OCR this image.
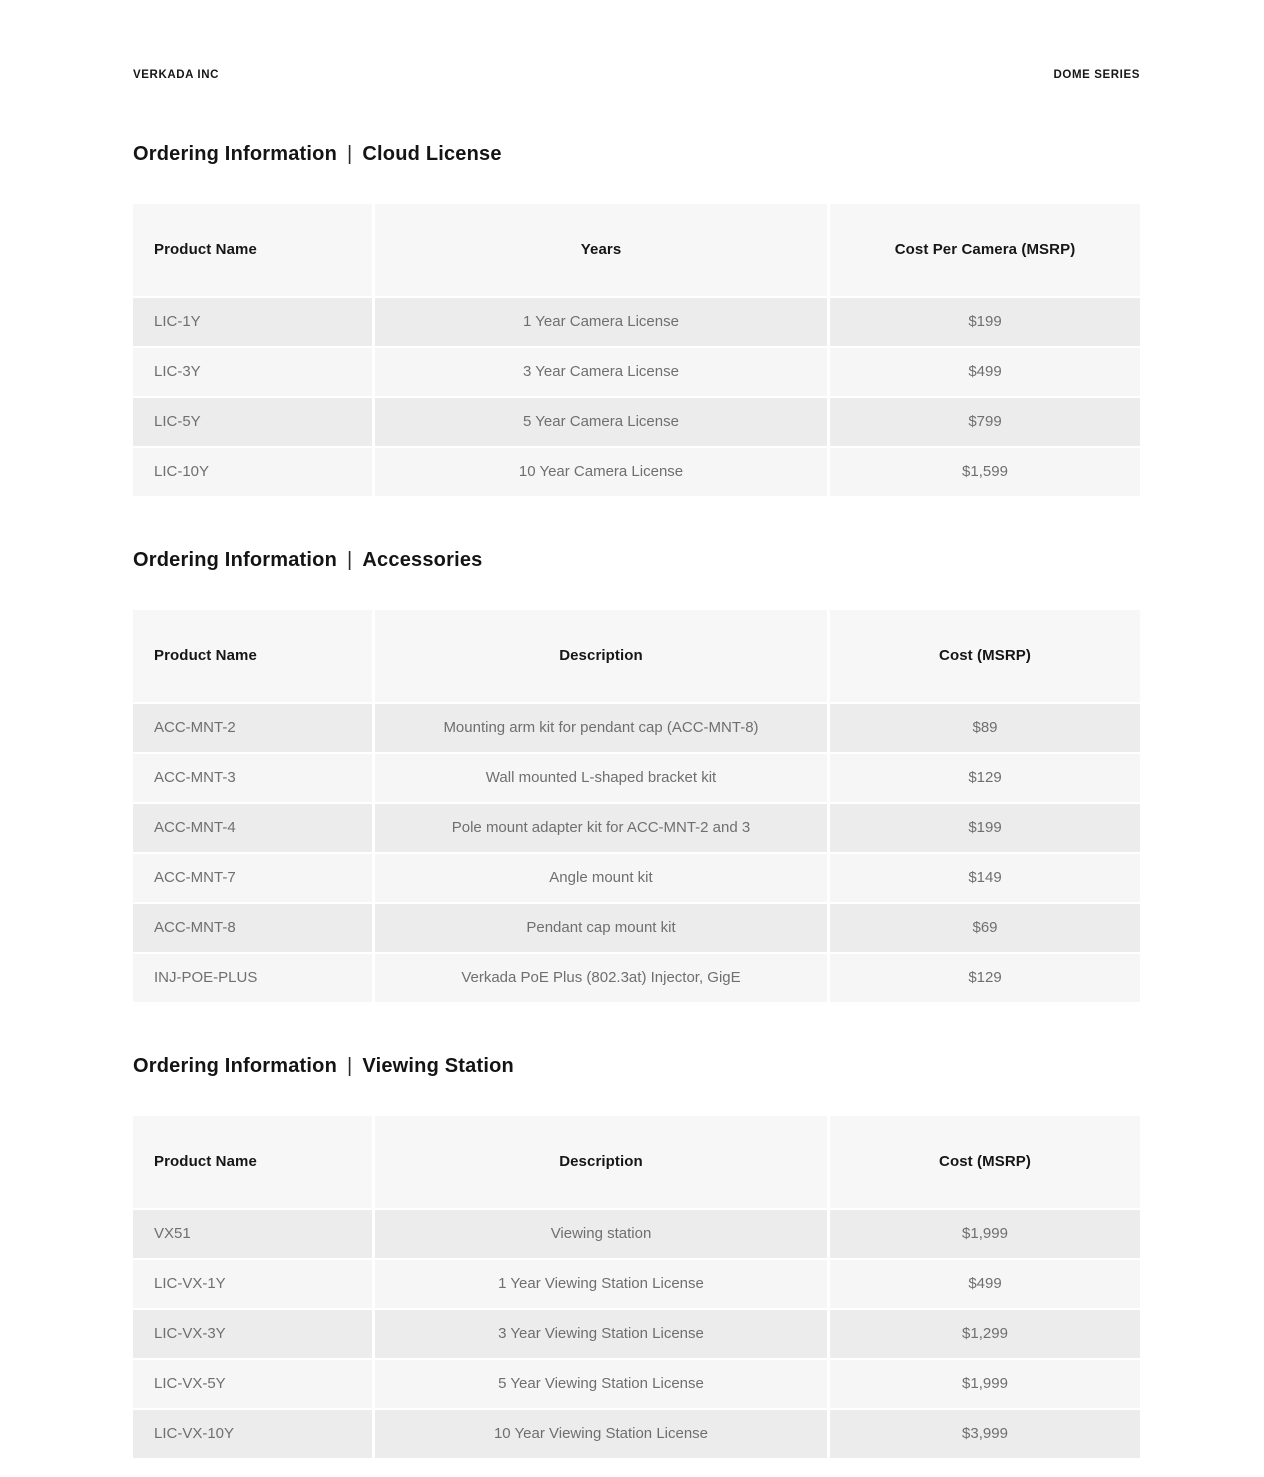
VERKADA INC	DOME SERIES
Ordering Information | Cloud License
Product Name	Years	Cost Per Camera (MSRP)
LIC-1Y	1 Year Camera License	$199
LIC-3Y	3 Year Camera License	$499
LIC-5Y	5 Year Camera License	$799
LIC-10Y	10 Year Camera License	$1,599
Ordering Information | Accessories
Product Name	Description	Cost (MSRP)
ACC-MNT-2	Mounting arm kit for pendant cap (ACC-MNT-8)	$89
ACC-MNT-3	Wall mounted L-shaped bracket kit	$129
ACC-MNT-4	Pole mount adapter kit for ACC-MNT-2 and 3	$199
ACC-MNT-7	Angle mount kit	$149
ACC-MNT-8	Pendant cap mount kit	$69
INJ-POE-PLUS	Verkada PoE Plus (802.3at) Injector, GigE	$129
Ordering Information | Viewing Station
Product Name	Description	Cost (MSRP)
VX51	Viewing station	$1,999
LIC-VX-1Y	1 Year Viewing Station License	$499
LIC-VX-3Y	3 Year Viewing Station License	$1,299
LIC-VX-5Y	5 Year Viewing Station License	$1,999
LIC-VX-10Y	10 Year Viewing Station License	$3,999
